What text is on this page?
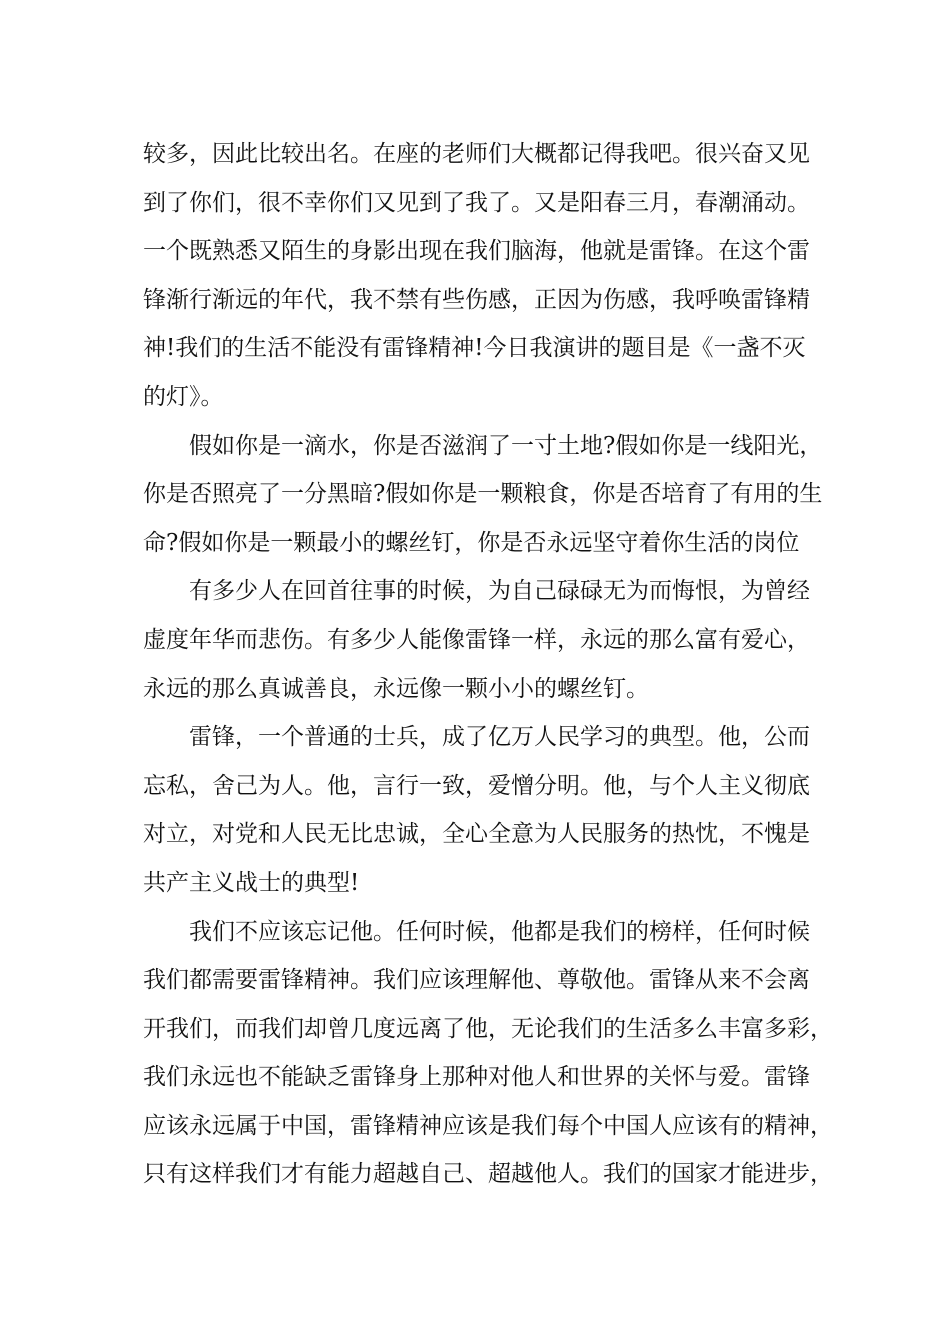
较多，因此比较出名。在座的老师们大概都记得我吧。很兴奋又见
到了你们，很不幸你们又见到了我了。又是阳春三月，春潮涌动。
一个既熟悉又陌生的身影出现在我们脑海，他就是雷锋。在这个雷
锋渐行渐远的年代，我不禁有些伤感，正因为伤感，我呼唤雷锋精
神!我们的生活不能没有雷锋精神!今日我演讲的题目是《一盏不灭
的灯》。
假如你是一滴水，你是否滋润了一寸土地?假如你是一线阳光，
你是否照亮了一分黑暗?假如你是一颗粮食，你是否培育了有用的生
命?假如你是一颗最小的螺丝钉，你是否永远坚守着你生活的岗位
有多少人在回首往事的时候，为自己碌碌无为而悔恨，为曾经
虚度年华而悲伤。有多少人能像雷锋一样，永远的那么富有爱心，
永远的那么真诚善良，永远像一颗小小的螺丝钉。
雷锋，一个普通的士兵，成了亿万人民学习的典型。他，公而
忘私，舍己为人。他，言行一致，爱憎分明。他，与个人主义彻底
对立，对党和人民无比忠诚，全心全意为人民服务的热忱，不愧是
共产主义战士的典型!
我们不应该忘记他。任何时候，他都是我们的榜样，任何时候
我们都需要雷锋精神。我们应该理解他、尊敬他。雷锋从来不会离
开我们，而我们却曾几度远离了他，无论我们的生活多么丰富多彩，
我们永远也不能缺乏雷锋身上那种对他人和世界的关怀与爱。雷锋
应该永远属于中国，雷锋精神应该是我们每个中国人应该有的精神，
只有这样我们才有能力超越自己、超越他人。我们的国家才能进步，
